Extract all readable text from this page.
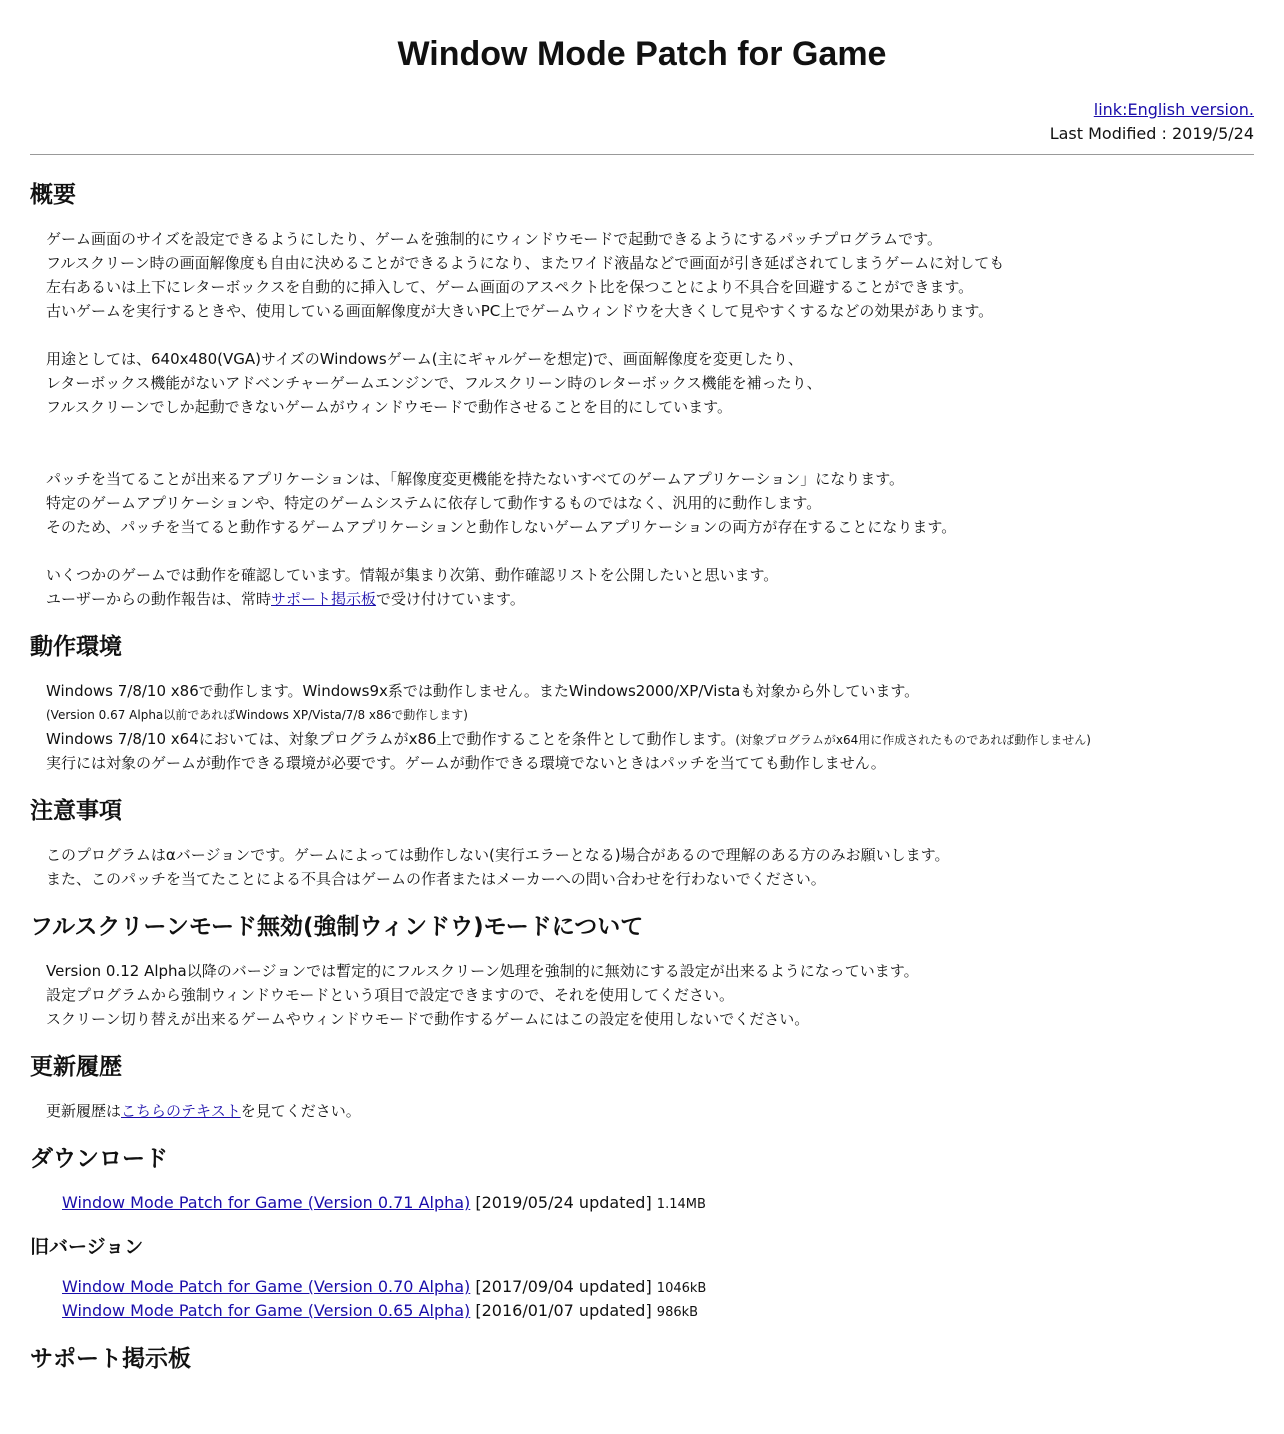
Window Mode Patch for Game
link:English version.
Last Modified : 2019/5/24
概要
ゲーム画面のサイズを設定できるようにしたり、ゲームを強制的にウィンドウモードで起動できるようにするパッチプログラムです。
フルスクリーン時の画面解像度も自由に決めることができるようになり、またワイド液晶などで画面が引き延ばされてしまうゲームに対しても
左右あるいは上下にレターボックスを自動的に挿入して、ゲーム画面のアスペクト比を保つことにより不具合を回避することができます。
古いゲームを実行するときや、使用している画面解像度が大きいPC上でゲームウィンドウを大きくして見やすくするなどの効果があります。
用途としては、640x480(VGA)サイズのWindowsゲーム(主にギャルゲーを想定)で、画面解像度を変更したり、
レターボックス機能がないアドベンチャーゲームエンジンで、フルスクリーン時のレターボックス機能を補ったり、
フルスクリーンでしか起動できないゲームがウィンドウモードで動作させることを目的にしています。
パッチを当てることが出来るアプリケーションは、「解像度変更機能を持たないすべてのゲームアプリケーション」になります。
特定のゲームアプリケーションや、特定のゲームシステムに依存して動作するものではなく、汎用的に動作します。
そのため、パッチを当てると動作するゲームアプリケーションと動作しないゲームアプリケーションの両方が存在することになります。
いくつかのゲームでは動作を確認しています。情報が集まり次第、動作確認リストを公開したいと思います。
ユーザーからの動作報告は、常時サポート掲示板で受け付けています。
動作環境
Windows 7/8/10 x86で動作します。Windows9x系では動作しません。またWindows2000/XP/Vistaも対象から外しています。
(Version 0.67 Alpha以前であればWindows XP/Vista/7/8 x86で動作します)
Windows 7/8/10 x64においては、対象プログラムがx86上で動作することを条件として動作します。(対象プログラムがx64用に作成されたものであれば動作しません)
実行には対象のゲームが動作できる環境が必要です。ゲームが動作できる環境でないときはパッチを当てても動作しません。
注意事項
このプログラムはαバージョンです。ゲームによっては動作しない(実行エラーとなる)場合があるので理解のある方のみお願いします。
また、このパッチを当てたことによる不具合はゲームの作者またはメーカーへの問い合わせを行わないでください。
フルスクリーンモード無効(強制ウィンドウ)モードについて
Version 0.12 Alpha以降のバージョンでは暫定的にフルスクリーン処理を強制的に無効にする設定が出来るようになっています。
設定プログラムから強制ウィンドウモードという項目で設定できますので、それを使用してください。
スクリーン切り替えが出来るゲームやウィンドウモードで動作するゲームにはこの設定を使用しないでください。
更新履歴
更新履歴はこちらのテキストを見てください。
ダウンロード
Window Mode Patch for Game (Version 0.71 Alpha) [2019/05/24 updated] 1.14MB
旧バージョン
Window Mode Patch for Game (Version 0.70 Alpha) [2017/09/04 updated] 1046kB
Window Mode Patch for Game (Version 0.65 Alpha) [2016/01/07 updated] 986kB
サポート掲示板
